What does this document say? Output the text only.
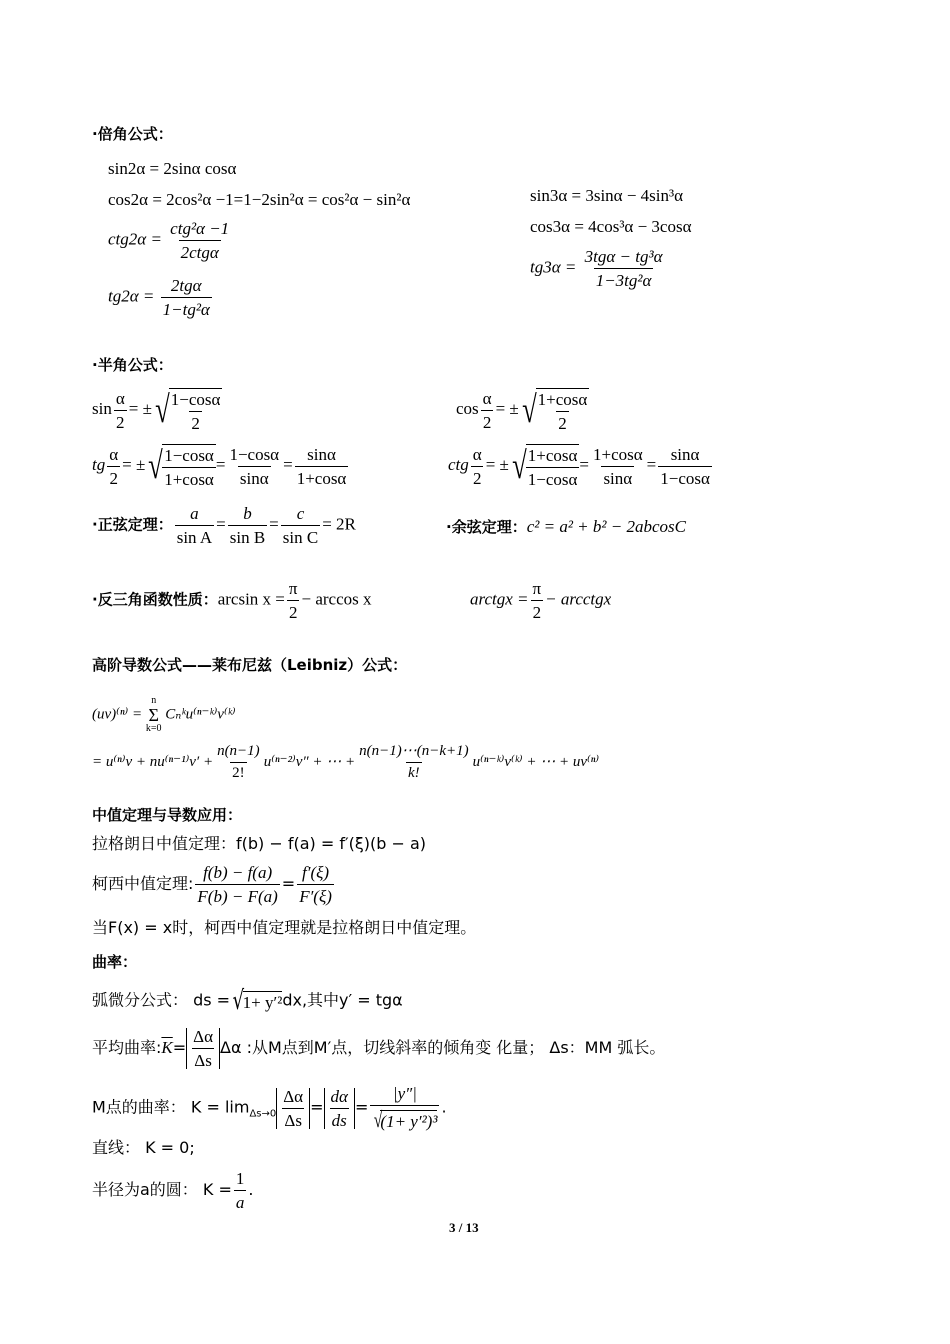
·倍角公式：
sin2α = 2sinα cosα
cos2α = 2cos²α −1=1−2sin²α = cos²α − sin²α
$ctg2\alpha = \frac{\text{ctg²α −1}}{\text{2ctgα}}$
$tg2\alpha = \frac{\text{2tgα}}{\text{1−tg²α}}$
sin3α = 3sinα − 4sin³α
cos3α = 4cos³α − 3cosα
$tg3\alpha = \frac{\text{3tgα − tg³α}}{\text{1−3tg²α}}$
·半角公式：
$\sin \frac{\alpha}{2}$ = ± √ $\frac{1-\cos\alpha}{2}$	$\cos \frac{\alpha}{2}$ = ± √ $\frac{1+\cos\alpha}{2}$
tg $\frac{\alpha}{2}$ = ± √ $\frac{1-\cos\alpha}{1+\cos\alpha} = \frac{1-\cos\alpha}{\sin\alpha} = \frac{\sin\alpha}{1+\cos\alpha}$	ctg $\frac{\alpha}{2}$ = ± √ $\frac{1+\cos\alpha}{1-\cos\alpha} = \frac{1+\cos\alpha}{\sin\alpha} = \frac{\sin\alpha}{1-\cos\alpha}$
·正弦定理： $\frac{a}{\text{sin A}} = \frac{b}{\text{sin B}} = \frac{c}{\text{sin C}} = 2R$	·余弦定理：c² = a² + b² − 2abcosC
·反三角函数性质：$\arcsin x = \frac{\pi}{2} - \arccos x$	arctgx = $\frac{\pi}{2}$ − arcctgx
高阶导数公式——莱布尼兹（Leibniz）公式：
(uv)⁽ⁿ⁾ =
n
Σ
k=0
Cₙᵏu⁽ⁿ⁻ᵏ⁾v⁽ᵏ⁾
= $u^{(n)}v + nu^{(n-1)}v' + \frac{n(n-1)}{2!} u^{(n-2)}v''$ + ⋯ + $\frac{n(n-1)\cdots(n-k+1)}{k!}$ u⁽ⁿ⁻ᵏ⁾v⁽ᵏ⁾ + ⋯ + uv⁽ⁿ⁾
中值定理与导数应用：
拉格朗日中值定理：f(b) − f(a) = f′(ξ)(b − a)
柯西中值定理: $\frac{f(b) - f(a)}{F(b) - F(a)} = \frac{f'(\xi)}{F'(\xi)}$
当F(x) = x时，柯西中值定理就是拉格朗日中值定理。
曲率：
弧微分公式： ds = √
1+ y′² dx,其中y′ = tgα
平均曲率$:\overline{K}= \frac{\Delta\alpha}{\Delta s}$ Δα :从M点到M′点，切线斜率的倾角变 化量； Δs：MM 弧长。
M点的曲率： $K = \lim_{\Delta s\to 0} \frac{\Delta\alpha}{\Delta s} = \frac{d\alpha}{ds} = |y''|$
√
(1+ y′²)³ .
直线： K = 0;
半径为a的圆： $K = \frac{1}{a}$ .
3 / 13
